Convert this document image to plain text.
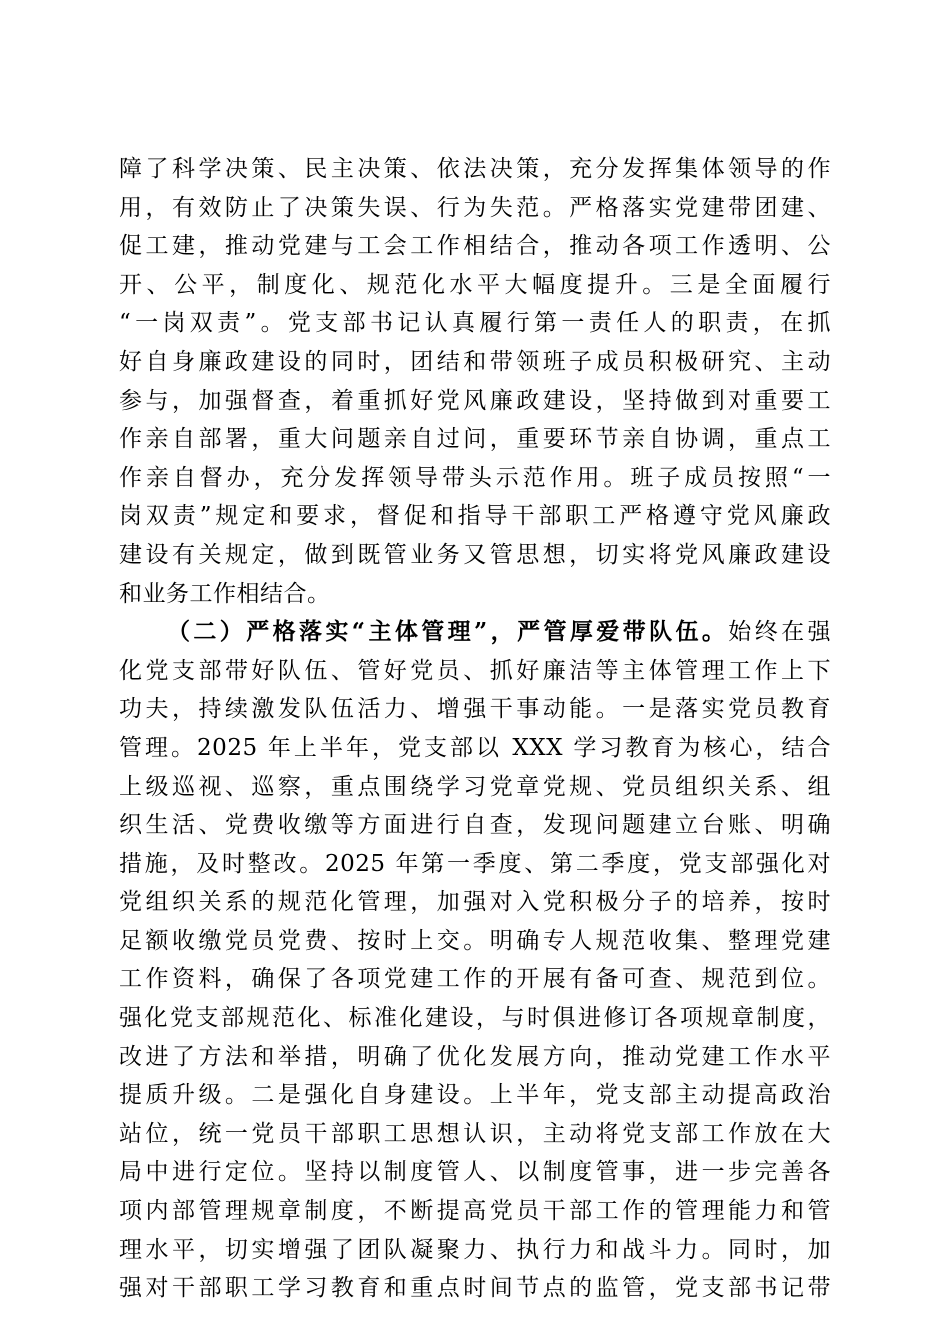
障了科学决策、民主决策、依法决策，充分发挥集体领导的作
用，有效防止了决策失误、行为失范。严格落实党建带团建、
促工建，推动党建与工会工作相结合，推动各项工作透明、公
开、公平，制度化、规范化水平大幅度提升。三是全面履行
“一岗双责”。党支部书记认真履行第一责任人的职责，在抓
好自身廉政建设的同时，团结和带领班子成员积极研究、主动
参与，加强督查，着重抓好党风廉政建设，坚持做到对重要工
作亲自部署，重大问题亲自过问，重要环节亲自协调，重点工
作亲自督办，充分发挥领导带头示范作用。班子成员按照“一
岗双责”规定和要求，督促和指导干部职工严格遵守党风廉政
建设有关规定，做到既管业务又管思想，切实将党风廉政建设
和业务工作相结合。
（二）严格落实“主体管理”，严管厚爱带队伍。始终在强
化党支部带好队伍、管好党员、抓好廉洁等主体管理工作上下
功夫，持续激发队伍活力、增强干事动能。一是落实党员教育
管理。2025 年上半年，党支部以 XXX 学习教育为核心，结合
上级巡视、巡察，重点围绕学习党章党规、党员组织关系、组
织生活、党费收缴等方面进行自查，发现问题建立台账、明确
措施，及时整改。2025 年第一季度、第二季度，党支部强化对
党组织关系的规范化管理，加强对入党积极分子的培养，按时
足额收缴党员党费、按时上交。明确专人规范收集、整理党建
工作资料，确保了各项党建工作的开展有备可查、规范到位。
强化党支部规范化、标准化建设，与时俱进修订各项规章制度，
改进了方法和举措，明确了优化发展方向，推动党建工作水平
提质升级。二是强化自身建设。上半年，党支部主动提高政治
站位，统一党员干部职工思想认识，主动将党支部工作放在大
局中进行定位。坚持以制度管人、以制度管事，进一步完善各
项内部管理规章制度，不断提高党员干部工作的管理能力和管
理水平，切实增强了团队凝聚力、执行力和战斗力。同时，加
强对干部职工学习教育和重点时间节点的监管，党支部书记带
